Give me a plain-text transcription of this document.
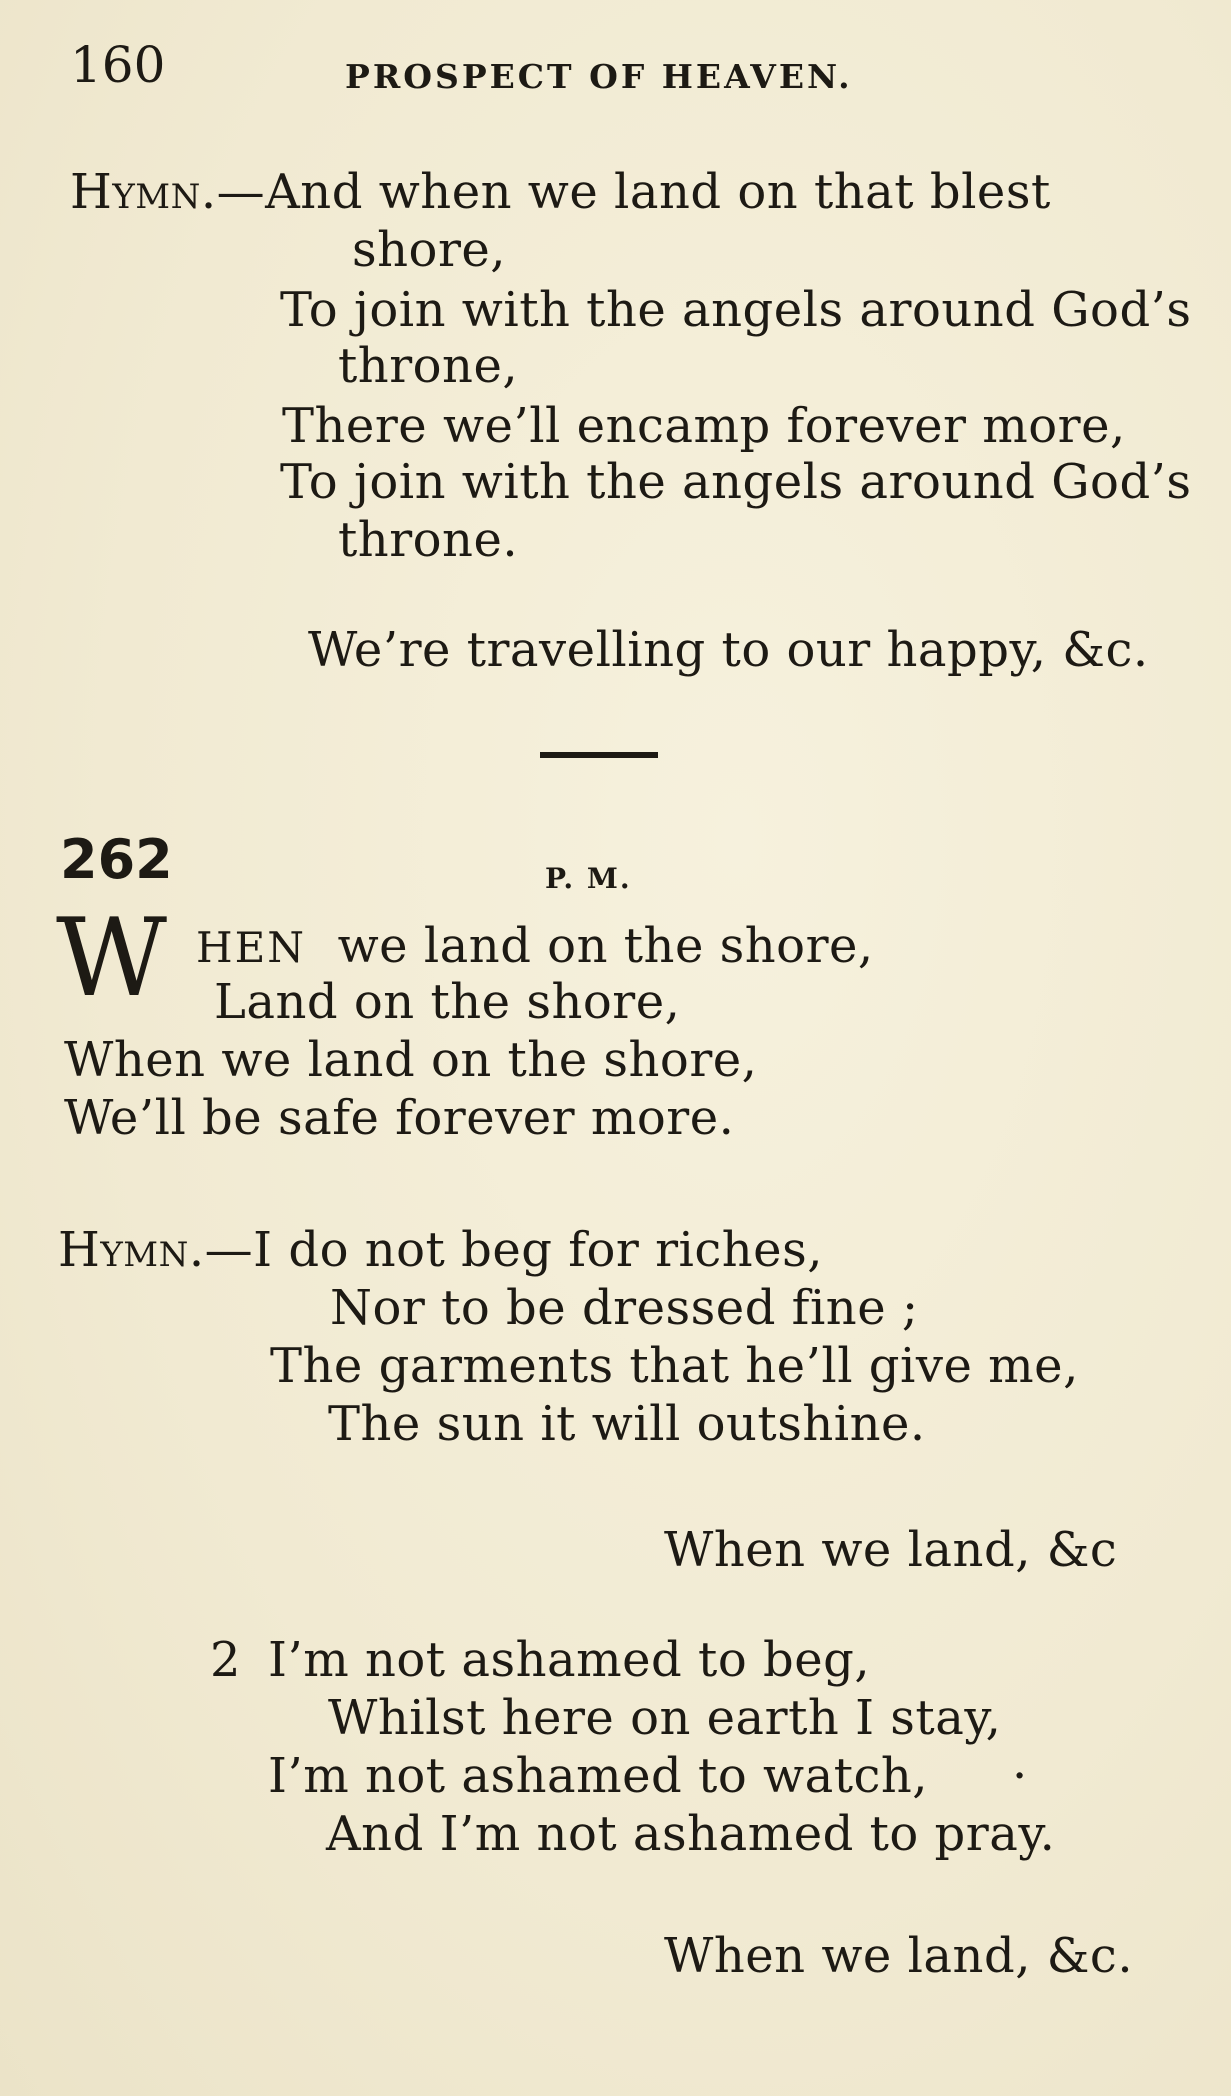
160	PROSPECT OF HEAVEN.
Hymn.—And when we land on that blest
shore,
To join with the angels around God’s
throne,
There we’ll encamp forever more,
To join with the angels around God’s
throne.
We’re travelling to our happy, &c.
262	P. M.
W HEN we land on the shore,
Land on the shore,
When we land on the shore,
We’ll be safe forever more.
Hymn.—I do not beg for riches,
Nor to be dressed fine ;
The garments that he’ll give me,
The sun it will outshine.
When we land, &c
2 I’m not ashamed to beg,
Whilst here on earth I stay,
I’m not ashamed to watch, ·
And I’m not ashamed to pray.
When we land, &c.
